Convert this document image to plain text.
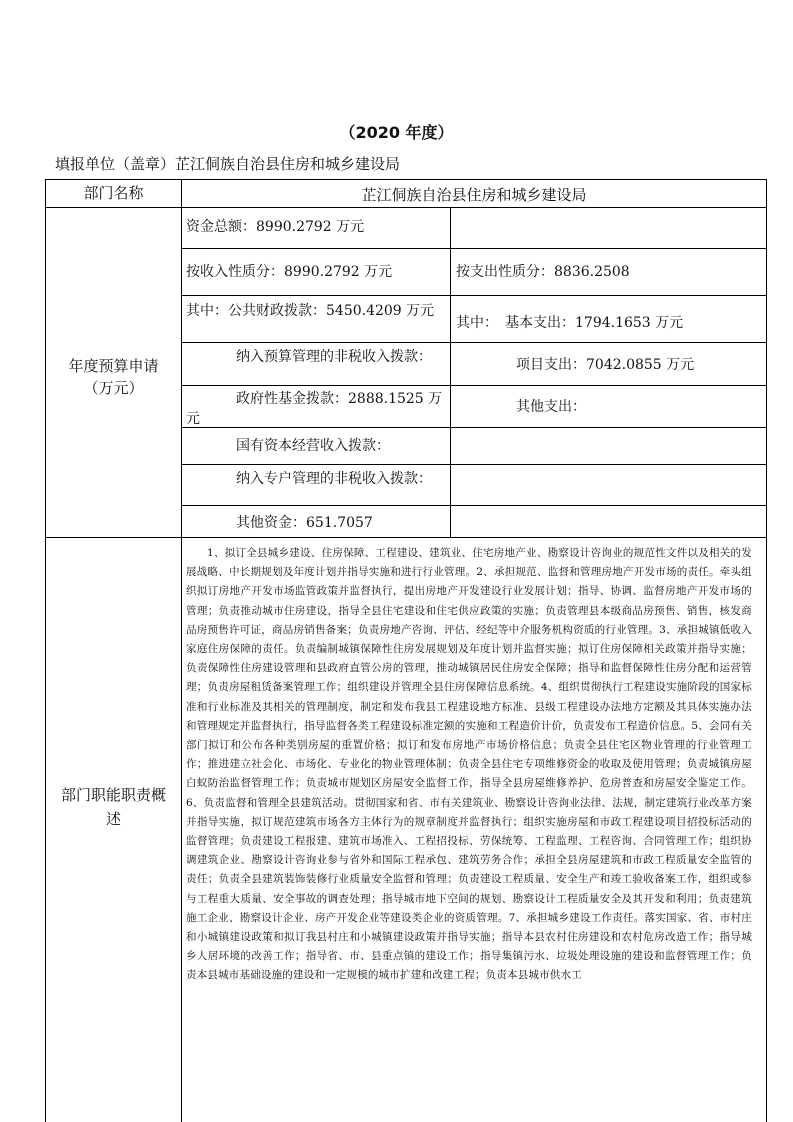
（2020 年度）
填报单位（盖章）芷江侗族自治县住房和城乡建设局
部门名称	芷江侗族自治县住房和城乡建设局
年度预算申请（万元）
资金总额：8990.2792 万元
按收入性质分：8990.2792 万元
其中：公共财政拨款：5450.4209 万元
纳入预算管理的非税收入拨款：
政府性基金拨款：2888.1525 万元
国有资本经营收入拨款：
纳入专户管理的非税收入拨款：
其他资金：651.7057
按支出性质分：8836.2508
其中：　基本支出：1794.1653 万元
项目支出：7042.0855 万元
其他支出：
部门职能职责概述
1、拟订全县城乡建设、住房保障、工程建设、建筑业、住宅房地产业、勘察设计咨询业的规范性文件以及相关的发展战略、中长期规划及年度计划并指导实施和进行行业管理。2、承担规范、监督和管理房地产开发市场的责任。牵头组织拟订房地产开发市场监管政策并监督执行，提出房地产开发建设行业发展计划；指导、协调、监督房地产开发市场的管理；负责推动城市住房建设，指导全县住宅建设和住宅供应政策的实施；负责管理县本级商品房预售、销售，核发商品房预售许可证，商品房销售备案；负责房地产咨询、评估、经纪等中介服务机构资质的行业管理。3、承担城镇低收入家庭住房保障的责任。负责编制城镇保障性住房发展规划及年度计划并监督实施；拟订住房保障相关政策并指导实施；负责保障性住房建设管理和县政府直管公房的管理，推动城镇居民住房安全保障；指导和监督保障性住房分配和运营管理；负责房屋租赁备案管理工作；组织建设并管理全县住房保障信息系统。4、组织贯彻执行工程建设实施阶段的国家标准和行业标准及其相关的管理制度，制定和发布我县工程建设地方标准、县级工程建设办法地方定额及其具体实施办法和管理规定并监督执行，指导监督各类工程建设标准定额的实施和工程造价计价，负责发布工程造价信息。5、会同有关部门拟订和公布各种类别房屋的重置价格；拟订和发布房地产市场价格信息；负责全县住宅区物业管理的行业管理工作；推进建立社会化、市场化、专业化的物业管理体制；负责全县住宅专项维修资金的收取及使用管理；负责城镇房屋白蚁防治监督管理工作；负责城市规划区房屋安全监督工作，指导全县房屋维修养护、危房普查和房屋安全鉴定工作。6、负责监督和管理全县建筑活动。贯彻国家和省、市有关建筑业、勘察设计咨询业法律、法规，制定建筑行业改革方案并指导实施，拟订规范建筑市场各方主体行为的规章制度并监督执行；组织实施房屋和市政工程建设项目招投标活动的监督管理；负责建设工程报建、建筑市场准入、工程招投标、劳保统筹、工程监理、工程咨询、合同管理工作；组织协调建筑企业、勘察设计咨询业参与省外和国际工程承包、建筑劳务合作；承担全县房屋建筑和市政工程质量安全监管的责任；负责全县建筑装饰装修行业质量安全监督和管理；负责建设工程质量、安全生产和竣工验收备案工作，组织或参与工程重大质量、安全事故的调查处理；指导城市地下空间的规划、勘察设计工程质量安全及其开发和利用；负责建筑施工企业、勘察设计企业、房产开发企业等建设类企业的资质管理。7、承担城乡建设工作责任。落实国家、省、市村庄和小城镇建设政策和拟订我县村庄和小城镇建设政策并指导实施；指导本县农村住房建设和农村危房改造工作；指导城乡人居环境的改善工作；指导省、市、县重点镇的建设工作；指导集镇污水、垃圾处理设施的建设和监督管理工作；负责本县城市基础设施的建设和一定规模的城市扩建和改建工程；负责本县城市供水工
